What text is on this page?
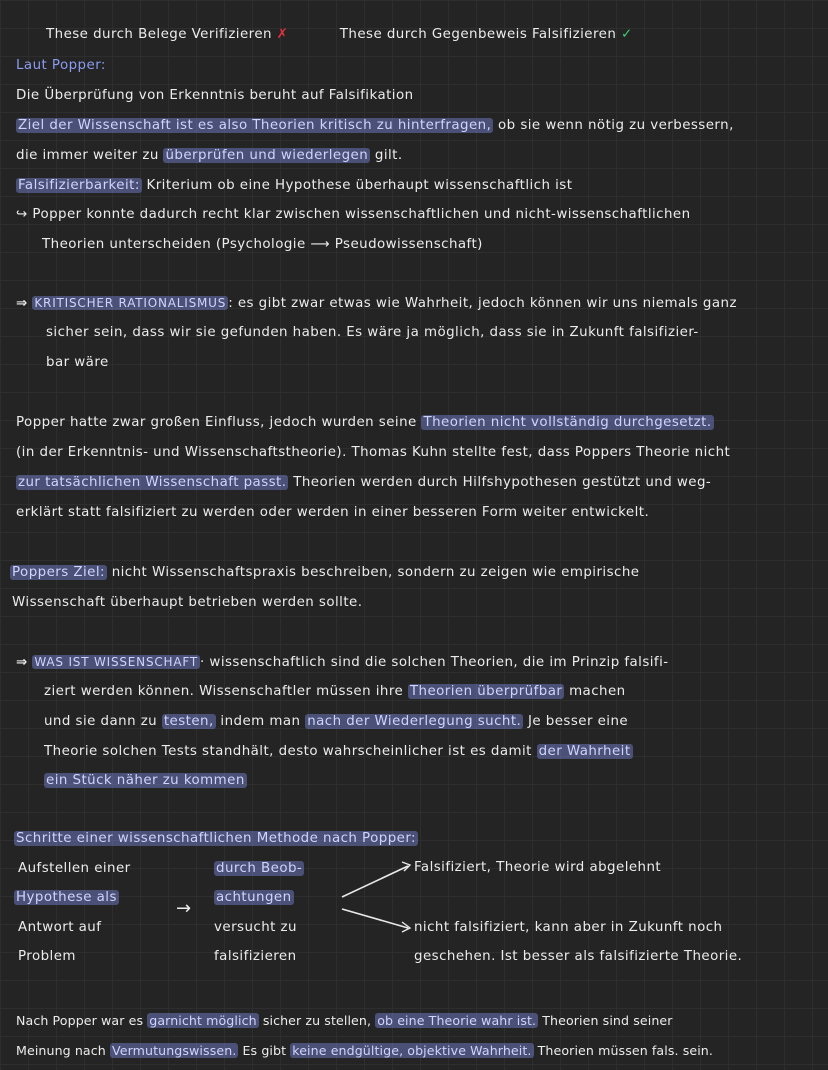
These durch Belege Verifizieren ✗	These durch Gegenbeweis Falsifizieren ✓
Laut Popper:
Die Überprüfung von Erkenntnis beruht auf Falsifikation
Ziel der Wissenschaft ist es also Theorien kritisch zu hinterfragen, ob sie wenn nötig zu verbessern,
die immer weiter zu überprüfen und wiederlegen gilt.
Falsifizierbarkeit: Kriterium ob eine Hypothese überhaupt wissenschaftlich ist
↪ Popper konnte dadurch recht klar zwischen wissenschaftlichen und nicht-wissenschaftlichen
Theorien unterscheiden (Psychologie ⟶ Pseudowissenschaft)
⇒ KRITISCHER RATIONALISMUS : es gibt zwar etwas wie Wahrheit, jedoch können wir uns niemals ganz
sicher sein, dass wir sie gefunden haben. Es wäre ja möglich, dass sie in Zukunft falsifizier-
bar wäre
Popper hatte zwar großen Einfluss, jedoch wurden seine Theorien nicht vollständig durchgesetzt.
(in der Erkenntnis- und Wissenschaftstheorie). Thomas Kuhn stellte fest, dass Poppers Theorie nicht
zur tatsächlichen Wissenschaft passt. Theorien werden durch Hilfshypothesen gestützt und weg-
erklärt statt falsifiziert zu werden oder werden in einer besseren Form weiter entwickelt.
Poppers Ziel: nicht Wissenschaftspraxis beschreiben, sondern zu zeigen wie empirische
Wissenschaft überhaupt betrieben werden sollte.
⇒ WAS IST WISSENSCHAFT · wissenschaftlich sind die solchen Theorien, die im Prinzip falsifi-
ziert werden können. Wissenschaftler müssen ihre Theorien überprüfbar machen
und sie dann zu testen, indem man nach der Wiederlegung sucht. Je besser eine
Theorie solchen Tests standhält, desto wahrscheinlicher ist es damit der Wahrheit
ein Stück näher zu kommen
Schritte einer wissenschaftlichen Methode nach Popper:
Aufstellen einer
Hypothese als
Antwort auf
Problem
→
durch Beob-
achtungen
versucht zu
falsifizieren
Falsifiziert, Theorie wird abgelehnt
nicht falsifiziert, kann aber in Zukunft noch
geschehen. Ist besser als falsifizierte Theorie.
Nach Popper war es garnicht möglich sicher zu stellen, ob eine Theorie wahr ist. Theorien sind seiner
Meinung nach Vermutungswissen. Es gibt keine endgültige, objektive Wahrheit. Theorien müssen fals. sein.
